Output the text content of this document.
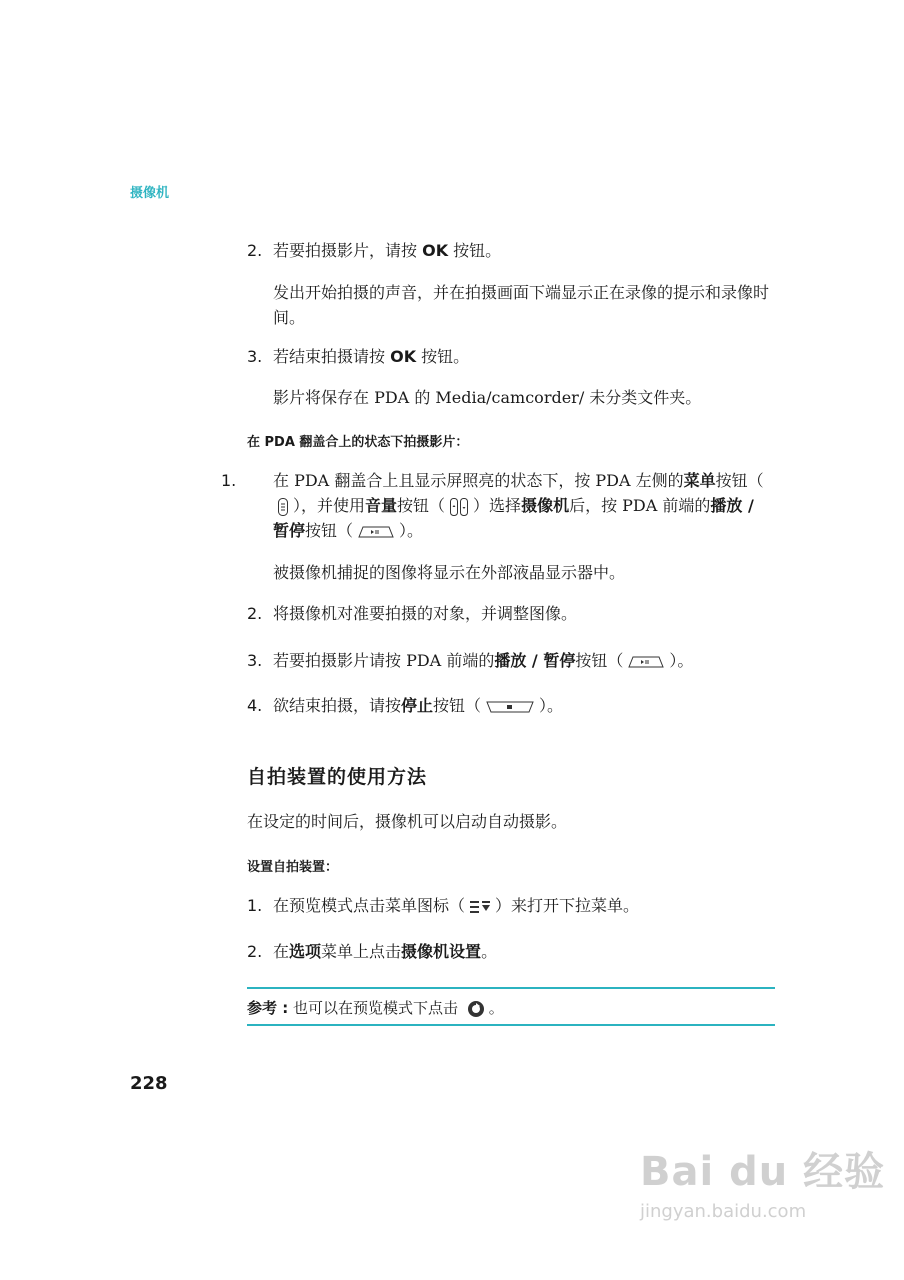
摄像机
2. 若要拍摄影片，请按 OK 按钮。
发出开始拍摄的声音，并在拍摄画面下端显示正在录像的提示和录像时间。
3. 若结束拍摄请按 OK 按钮。
影片将保存在 PDA 的 Media/camcorder/ 未分类文件夹。
在 PDA 翻盖合上的状态下拍摄影片：
1. 在 PDA 翻盖合上且显示屏照亮的状态下，按 PDA 左侧的菜单按钮（），并使用音量按钮（ ）选择摄像机后，按 PDA 前端的播放 / 暂停按钮（	）。
被摄像机捕捉的图像将显示在外部液晶显示器中。
2. 将摄像机对准要拍摄的对象，并调整图像。
3. 若要拍摄影片请按 PDA 前端的播放 / 暂停按钮（	）。
4. 欲结束拍摄，请按停止按钮（	）。
自拍装置的使用方法
在设定的时间后，摄像机可以启动自动摄影。
设置自拍装置：
1. 在预览模式点击菜单图标（ ）来打开下拉菜单。
2. 在选项菜单上点击摄像机设置。
参考 : 也可以在预览模式下点击 。
228
Bai du 经验
jingyan.baidu.com
